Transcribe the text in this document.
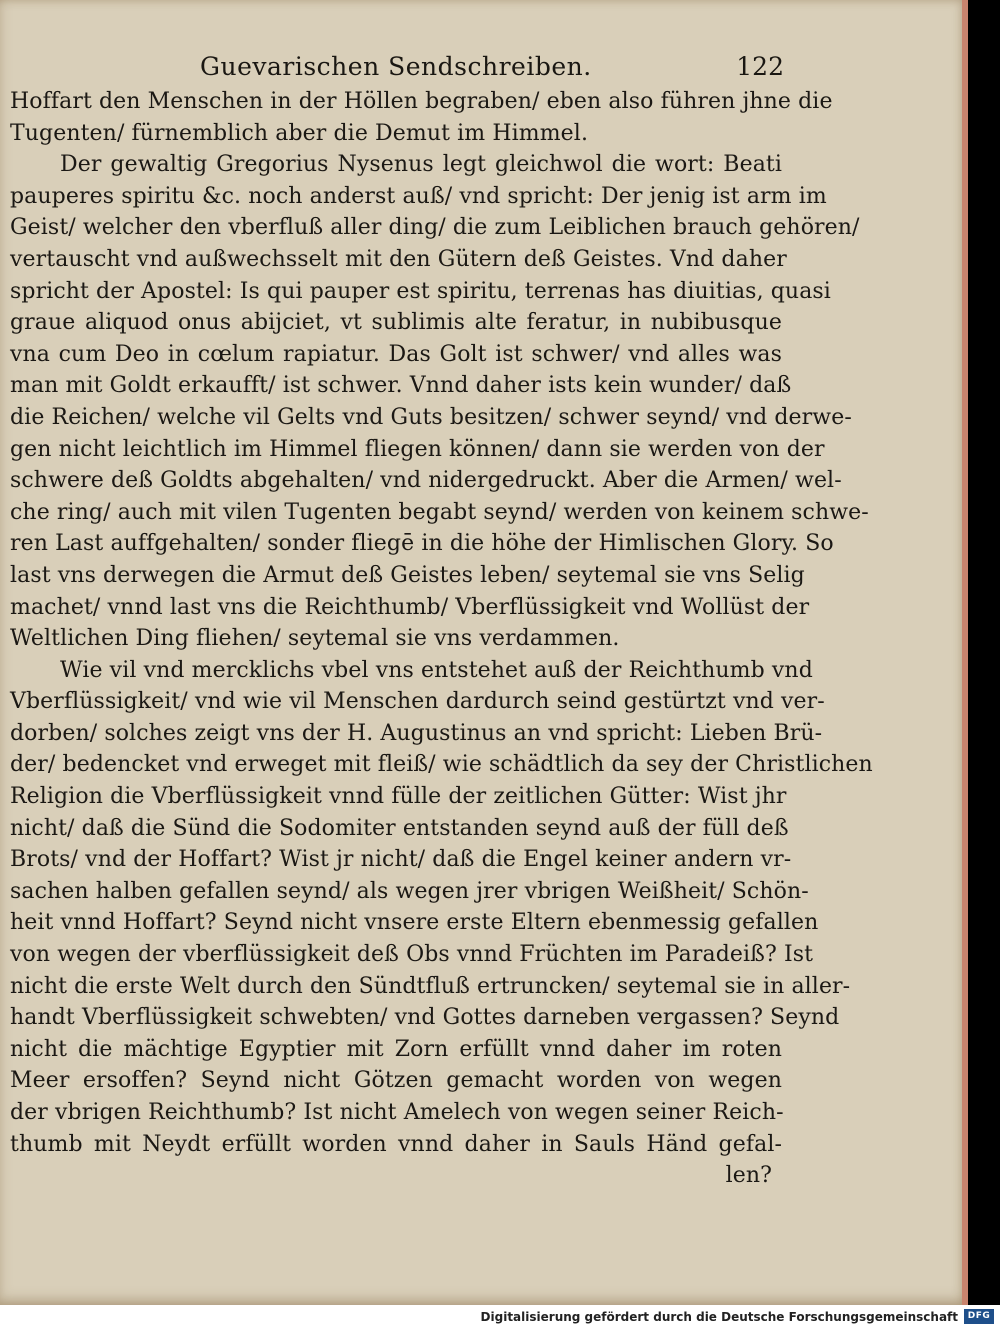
Guevarischen Sendschreiben.	122
Hoffart den Menschen in der Höllen begraben/ eben also führen jhne die
Tugenten/ fürnemblich aber die Demut im Himmel.
Der gewaltig Gregorius Nysenus legt gleichwol die wort: Beati
pauperes spiritu &c. noch anderst auß/ vnd spricht: Der jenig ist arm im
Geist/ welcher den vberfluß aller ding/ die zum Leiblichen brauch gehören/
vertauscht vnd außwechsselt mit den Gütern deß Geistes. Vnd daher
spricht der Apostel: Is qui pauper est spiritu, terrenas has diuitias, quasi
graue aliquod onus abijciet, vt sublimis alte feratur, in nubibusque
vna cum Deo in cœlum rapiatur. Das Golt ist schwer/ vnd alles was
man mit Goldt erkaufft/ ist schwer. Vnnd daher ists kein wunder/ daß
die Reichen/ welche vil Gelts vnd Guts besitzen/ schwer seynd/ vnd derwe-
gen nicht leichtlich im Himmel fliegen können/ dann sie werden von der
schwere deß Goldts abgehalten/ vnd nidergedruckt. Aber die Armen/ wel-
che ring/ auch mit vilen Tugenten begabt seynd/ werden von keinem schwe-
ren Last auffgehalten/ sonder fliegē in die höhe der Himlischen Glory. So
last vns derwegen die Armut deß Geistes leben/ seytemal sie vns Selig
machet/ vnnd last vns die Reichthumb/ Vberflüssigkeit vnd Wollüst der
Weltlichen Ding fliehen/ seytemal sie vns verdammen.
Wie vil vnd mercklichs vbel vns entstehet auß der Reichthumb vnd
Vberflüssigkeit/ vnd wie vil Menschen dardurch seind gestürtzt vnd ver-
dorben/ solches zeigt vns der H. Augustinus an vnd spricht: Lieben Brü-
der/ bedencket vnd erweget mit fleiß/ wie schädtlich da sey der Christlichen
Religion die Vberflüssigkeit vnnd fülle der zeitlichen Gütter: Wist jhr
nicht/ daß die Sünd die Sodomiter entstanden seynd auß der füll deß
Brots/ vnd der Hoffart? Wist jr nicht/ daß die Engel keiner andern vr-
sachen halben gefallen seynd/ als wegen jrer vbrigen Weißheit/ Schön-
heit vnnd Hoffart? Seynd nicht vnsere erste Eltern ebenmessig gefallen
von wegen der vberflüssigkeit deß Obs vnnd Früchten im Paradeiß? Ist
nicht die erste Welt durch den Sündtfluß ertruncken/ seytemal sie in aller-
handt Vberflüssigkeit schwebten/ vnd Gottes darneben vergassen? Seynd
nicht die mächtige Egyptier mit Zorn erfüllt vnnd daher im roten
Meer ersoffen? Seynd nicht Götzen gemacht worden von wegen
der vbrigen Reichthumb? Ist nicht Amelech von wegen seiner Reich-
thumb mit Neydt erfüllt worden vnnd daher in Sauls Händ gefal-
len?
Digitalisierung gefördert durch die Deutsche Forschungsgemeinschaft	DFG
